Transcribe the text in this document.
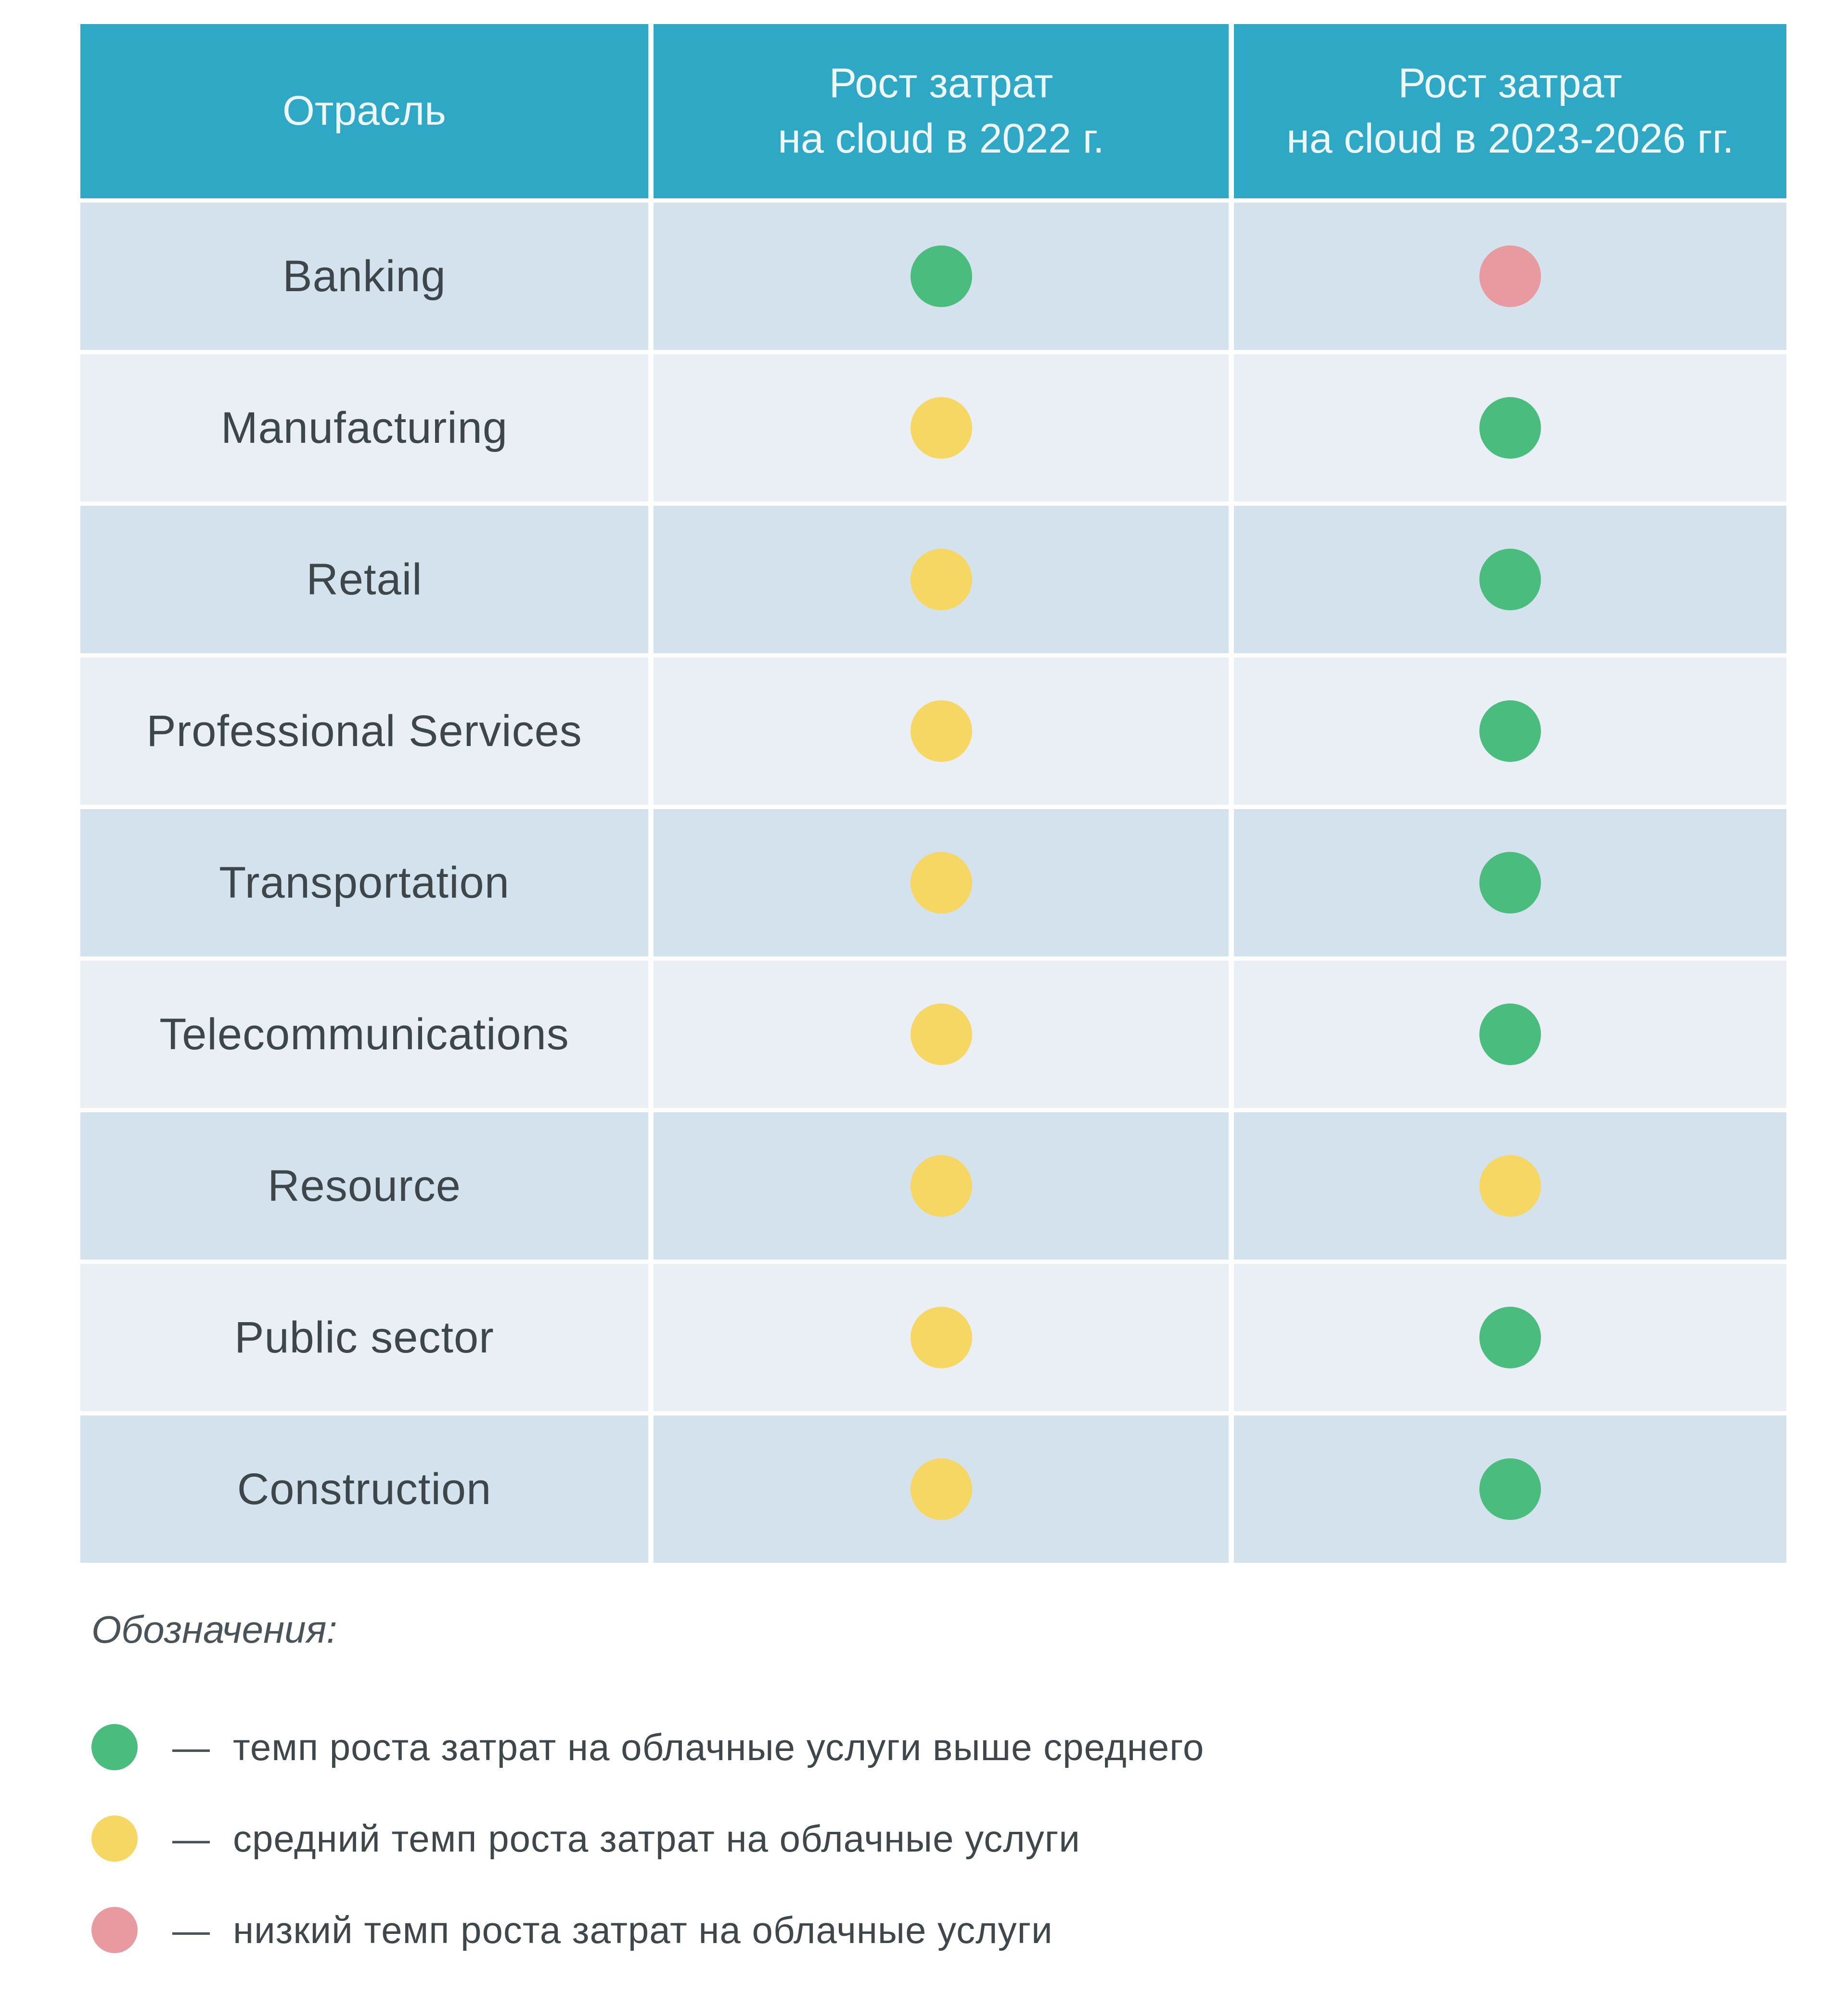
Отрасль
Рост затрат
на cloud в 2022 г.
Рост затрат
на cloud в 2023-2026 гг.
Banking
Manufacturing
Retail
Professional Services
Transportation
Telecommunications
Resource
Public sector
Construction
Обозначения:
— темп роста затрат на облачные услуги выше среднего
— средний темп роста затрат на облачные услуги
— низкий темп роста затрат на облачные услуги
